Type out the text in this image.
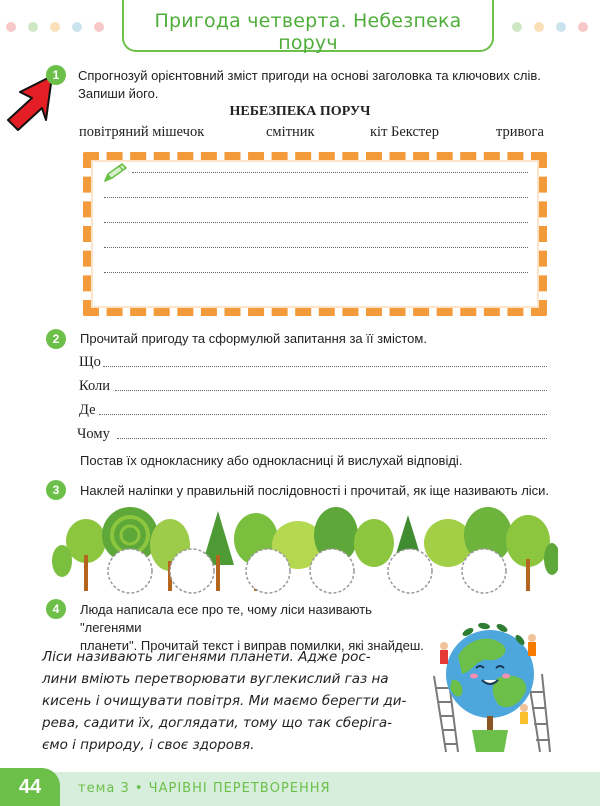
Пригода четверта. Небезпека поруч
1	Спрогнозуй орієнтовний зміст пригоди на основі заголовка та ключових слів.
Запиши його.
НЕБЕЗПЕКА ПОРУЧ
повітряний мішечок	смітник	кіт Бекстер	тривога
2	Прочитай пригоду та сформулюй запитання за її змістом.
Що
Коли
Де
Чому
Постав їх однокласнику або однокласниці й вислухай відповіді.
3	Наклей наліпки у правильній послідовності і прочитай, як іще називають ліси.
4	Люда написала есе про те, чому ліси називають "легенями
планети". Прочитай текст і виправ помилки, які знайдеш.
Ліси називають лигенями планети. Адже рос-
лини вміють перетворювати вуглекислий газ на
кисень і очищувати повітря. Ми маємо берегти ди-
рева, садити їх, доглядати, тому що так сберіга-
ємо і природу, і своє здоровя.
44	тема 3 • ЧАРІВНІ ПЕРЕТВОРЕННЯ
